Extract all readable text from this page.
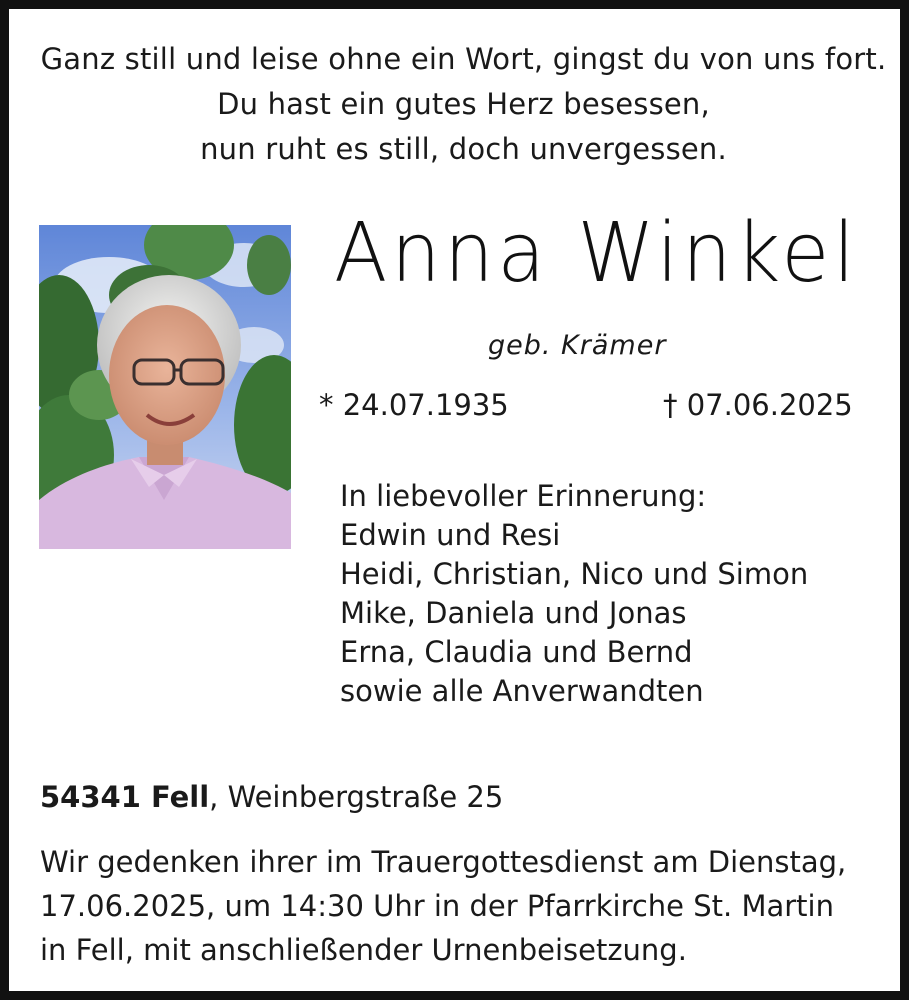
Ganz still und leise ohne ein Wort, gingst du von uns fort.
Du hast ein gutes Herz besessen,
nun ruht es still, doch unvergessen.
Anna Winkel
geb. Krämer
* 24.07.1935	† 07.06.2025
In liebevoller Erinnerung:
Edwin und Resi
Heidi, Christian, Nico und Simon
Mike, Daniela und Jonas
Erna, Claudia und Bernd
sowie alle Anverwandten
54341 Fell, Weinbergstraße 25
Wir gedenken ihrer im Trauergottesdienst am Dienstag,
17.06.2025, um 14:30 Uhr in der Pfarrkirche St. Martin
in Fell, mit anschließender Urnenbeisetzung.
